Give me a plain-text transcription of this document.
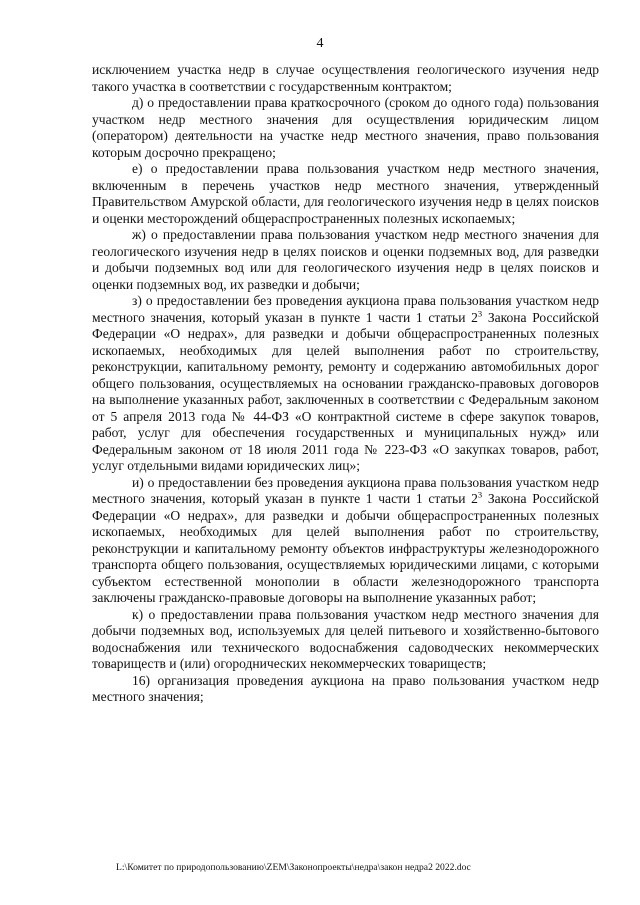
4

исключением участка недр в случае осуществления геологического изучения недр такого участка в соответствии с государственным контрактом;

д) о предоставлении права краткосрочного (сроком до одного года) пользования участком недр местного значения для осуществления юридическим лицом (оператором) деятельности на участке недр местного значения, право пользования которым досрочно прекращено;

е) о предоставлении права пользования участком недр местного значения, включенным в перечень участков недр местного значения, утвержденный Правительством Амурской области, для геологического изучения недр в целях поисков и оценки месторождений общераспространенных полезных ископаемых;

ж) о предоставлении права пользования участком недр местного значения для геологического изучения недр в целях поисков и оценки подземных вод, для разведки и добычи подземных вод или для геологического изучения недр в целях поисков и оценки подземных вод, их разведки и добычи;

з) о предоставлении без проведения аукциона права пользования участком недр местного значения, который указан в пункте 1 части 1 статьи $2^3$ Закона Российской Федерации «О недрах», для разведки и добычи общераспространенных полезных ископаемых, необходимых для целей выполнения работ по строительству, реконструкции, капитальному ремонту, ремонту и содержанию автомобильных дорог общего пользования, осуществляемых на основании гражданско-правовых договоров на выполнение указанных работ, заключенных в соответствии с Федеральным законом от 5 апреля 2013 года № 44-ФЗ «О контрактной системе в сфере закупок товаров, работ, услуг для обеспечения государственных и муниципальных нужд» или Федеральным законом от 18 июля 2011 года № 223-ФЗ «О закупках товаров, работ, услуг отдельными видами юридических лиц»;

и) о предоставлении без проведения аукциона права пользования участком недр местного значения, который указан в пункте 1 части 1 статьи $2^3$ Закона Российской Федерации «О недрах», для разведки и добычи общераспространенных полезных ископаемых, необходимых для целей выполнения работ по строительству, реконструкции и капитальному ремонту объектов инфраструктуры железнодорожного транспорта общего пользования, осуществляемых юридическими лицами, с которыми субъектом естественной монополии в области железнодорожного транспорта заключены гражданско-правовые договоры на выполнение указанных работ;

к) о предоставлении права пользования участком недр местного значения для добычи подземных вод, используемых для целей питьевого и хозяйственно-бытового водоснабжения или технического водоснабжения садоводческих некоммерческих товариществ и (или) огороднических некоммерческих товариществ;

16) организация проведения аукциона на право пользования участком недр местного значения;

L:\Комитет по природопользованию\ZEM\Законопроекты\недра\закон недра2 2022.doc
